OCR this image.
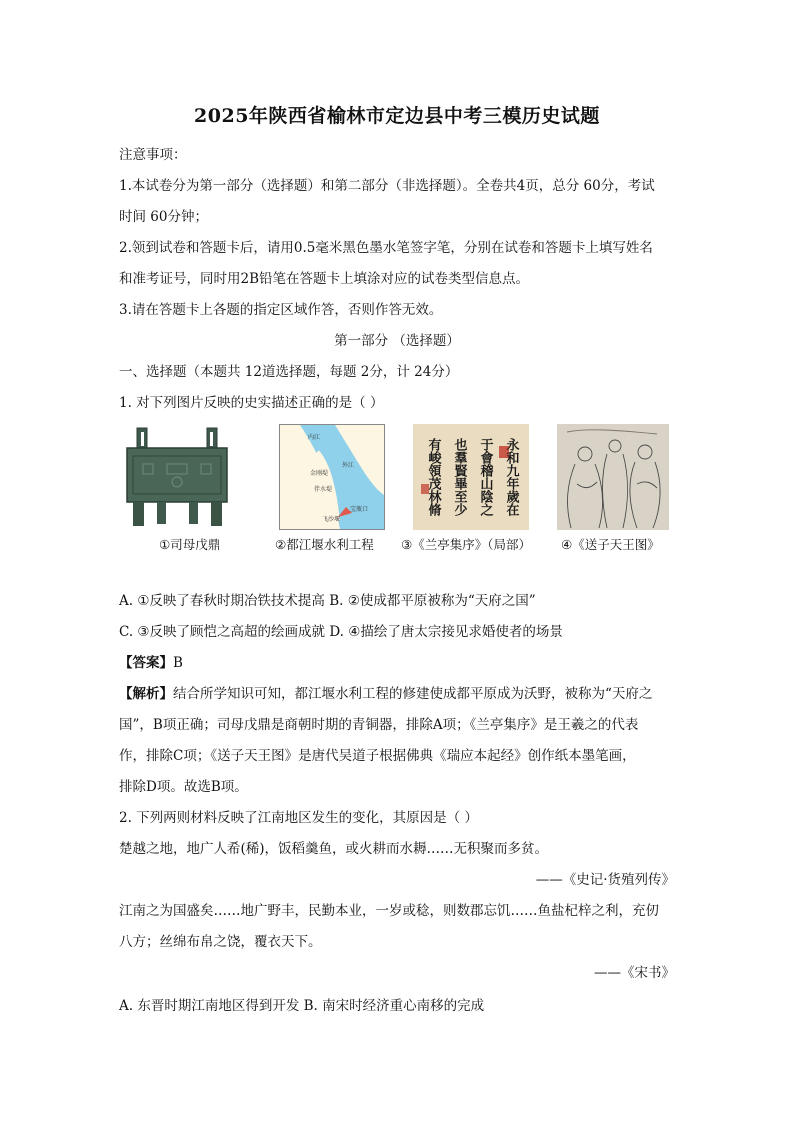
2025年陕西省榆林市定边县中考三模历史试题
注意事项：
1.本试卷分为第一部分（选择题）和第二部分（非选择题）。全卷共4页，总分 60分，考试
时间 60分钟；
2.领到试卷和答题卡后，请用0.5毫米黑色墨水笔签字笔，分别在试卷和答题卡上填写姓名
和准考证号，同时用2B铅笔在答题卡上填涂对应的试卷类型信息点。
3.请在答题卡上各题的指定区域作答，否则作答无效。
第一部分 （选择题）
一、选择题（本题共 12道选择题，每题 2分，计 24分）
1. 对下列图片反映的史实描述正确的是（ ）
内江
外江
宝瓶口
飞沙堰
金刚堤
伴水堤	永和九年歲在
于會稽山陰之
也羣賢畢至少
有峻領茂林脩
①司母戊鼎	②都江堰水利工程 ③《兰亭集序》（局部） ④《送子天王图》
A. ①反映了春秋时期冶铁技术提高 B. ②使成都平原被称为“天府之国”
C. ③反映了顾恺之高超的绘画成就 D. ④描绘了唐太宗接见求婚使者的场景
【答案】B
【解析】结合所学知识可知，都江堰水利工程的修建使成都平原成为沃野，被称为“天府之
国”，B项正确；司母戊鼎是商朝时期的青铜器，排除A项；《兰亭集序》是王羲之的代表
作，排除C项；《送子天王图》是唐代吴道子根据佛典《瑞应本起经》创作纸本墨笔画，
排除D项。故选B项。
2. 下列两则材料反映了江南地区发生的变化，其原因是（ ）
楚越之地，地广人希(稀)，饭稻羹鱼，或火耕而水耨……无积聚而多贫。
——《史记·货殖列传》
江南之为国盛矣……地广野丰，民勤本业，一岁或稔，则数郡忘饥……鱼盐杞梓之利，充仞
八方；丝绵布帛之饶，覆衣天下。
——《宋书》
A. 东晋时期江南地区得到开发 B. 南宋时经济重心南移的完成
